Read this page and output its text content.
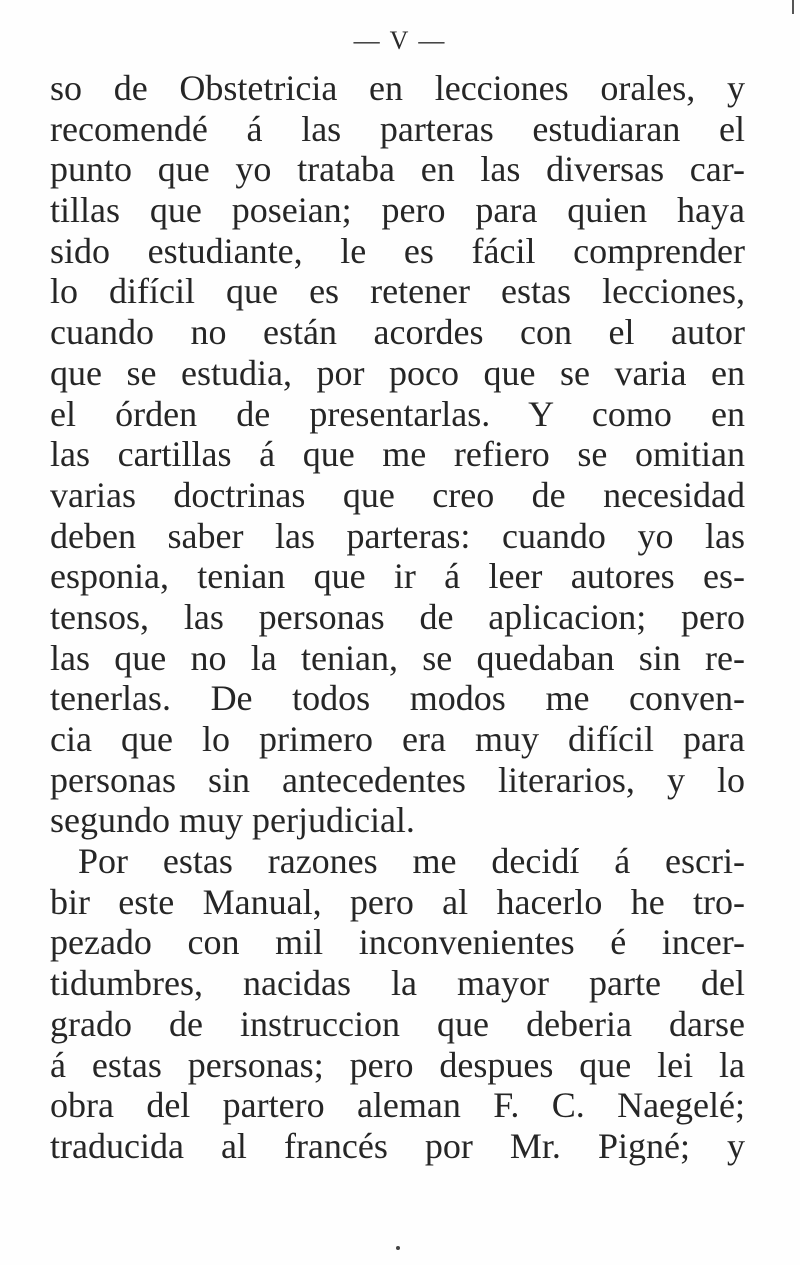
— V —
so de Obstetricia en lecciones orales, y
recomendé á las parteras estudiaran el
punto que yo trataba en las diversas car-
tillas que poseian; pero para quien haya
sido estudiante, le es fácil comprender
lo difícil que es retener estas lecciones,
cuando no están acordes con el autor
que se estudia, por poco que se varia en
el órden de presentarlas. Y como en
las cartillas á que me refiero se omitian
varias doctrinas que creo de necesidad
deben saber las parteras: cuando yo las
esponia, tenian que ir á leer autores es-
tensos, las personas de aplicacion; pero
las que no la tenian, se quedaban sin re-
tenerlas. De todos modos me conven-
cia que lo primero era muy difícil para
personas sin antecedentes literarios, y lo
segundo muy perjudicial.
Por estas razones me decidí á escri-
bir este Manual, pero al hacerlo he tro-
pezado con mil inconvenientes é incer-
tidumbres, nacidas la mayor parte del
grado de instruccion que deberia darse
á estas personas; pero despues que lei la
obra del partero aleman F. C. Naegelé;
traducida al francés por Mr. Pigné; y
